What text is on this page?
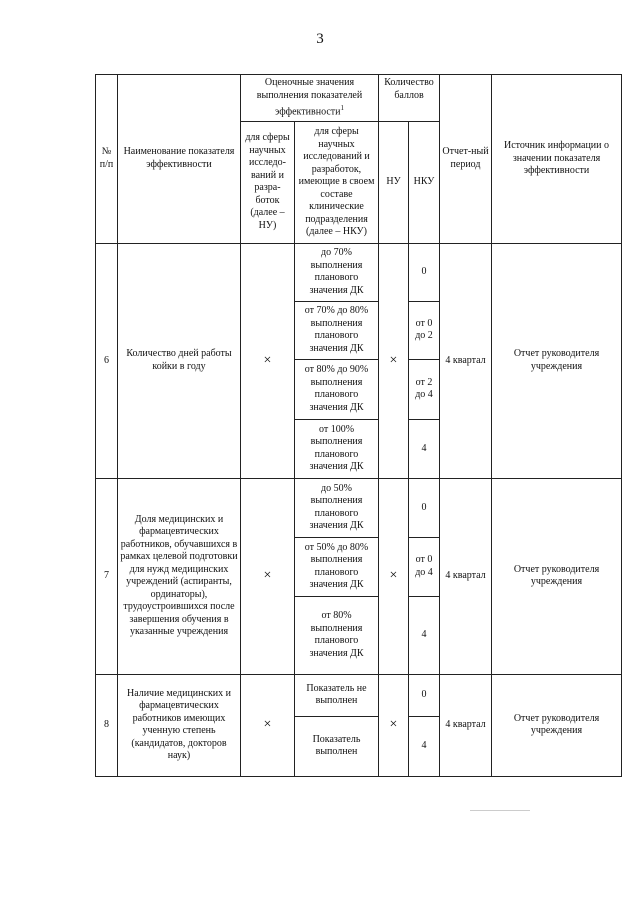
3
№ п/п	Наименование показателя эффективности	Оценочные значения выполнения показателей эффективности$^1$		Количество баллов		Отчет-ный период	Источник информации о значении показателя эффективности
		для сферы научных исследо-ваний и разра-боток (далее – НУ)	для сферы научных исследований и разработок, имеющие в своем составе клинические подразделения (далее – НКУ)	НУ	НКУ		
6	Количество дней работы койки в году	×	до 70% выполнения планового значения ДК	×	0	4 квартал	Отчет руководителя учреждения
			от 70% до 80% выполнения планового значения ДК		от 0 до 2		
			от 80% до 90% выполнения планового значения ДК		от 2 до 4		
			от 100% выполнения планового значения ДК		4		
7	Доля медицинских и фармацевтических работников, обучавшихся в рамках целевой подготовки для нужд медицинских учреждений (аспиранты, ординаторы), трудоустроившихся после завершения обучения в указанные учреждения	×	до 50% выполнения планового значения ДК	×	0	4 квартал	Отчет руководителя учреждения
			от 50% до 80% выполнения планового значения ДК		от 0 до 4		
			от 80% выполнения планового значения ДК		4		
8	Наличие медицинских и фармацевтических работников имеющих ученную степень (кандидатов, докторов наук)	×	Показатель не выполнен	×	0	4 квартал	Отчет руководителя учреждения
			Показатель выполнен		4		
